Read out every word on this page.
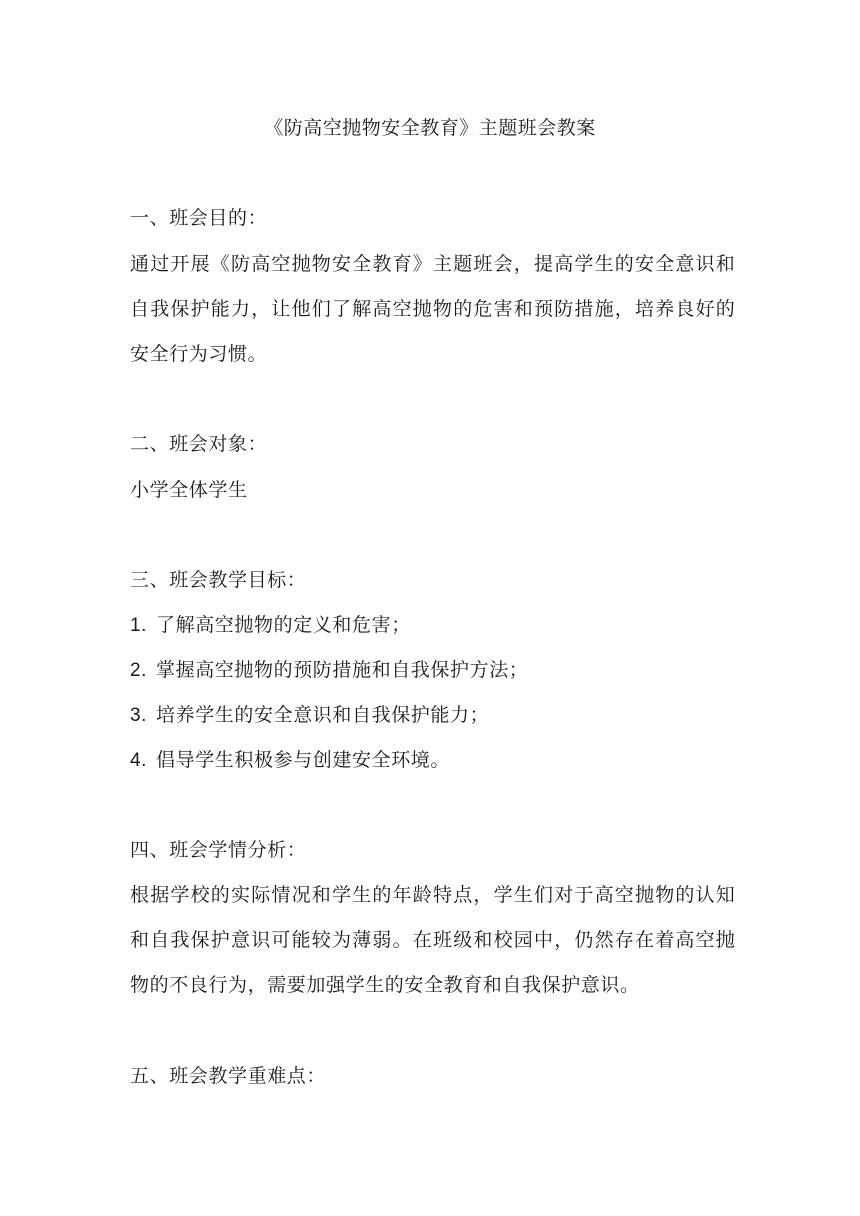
《防高空抛物安全教育》主题班会教案
一、班会目的：
通过开展《防高空抛物安全教育》主题班会，提高学生的安全意识和
自我保护能力，让他们了解高空抛物的危害和预防措施，培养良好的
安全行为习惯。
二、班会对象：
小学全体学生
三、班会教学目标：
1. 了解高空抛物的定义和危害；
2. 掌握高空抛物的预防措施和自我保护方法；
3. 培养学生的安全意识和自我保护能力；
4. 倡导学生积极参与创建安全环境。
四、班会学情分析：
根据学校的实际情况和学生的年龄特点，学生们对于高空抛物的认知
和自我保护意识可能较为薄弱。在班级和校园中，仍然存在着高空抛
物的不良行为，需要加强学生的安全教育和自我保护意识。
五、班会教学重难点：
